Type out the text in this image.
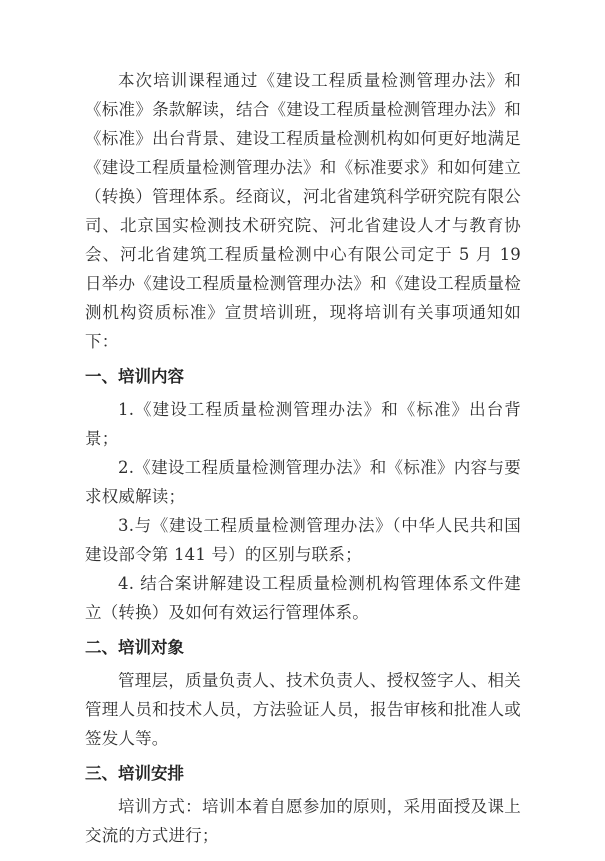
本次培训课程通过《建设工程质量检测管理办法》和《标准》条款解读，结合《建设工程质量检测管理办法》和《标准》出台背景、建设工程质量检测机构如何更好地满足《建设工程质量检测管理办法》和《标准要求》和如何建立（转换）管理体系。经商议，河北省建筑科学研究院有限公司、北京国实检测技术研究院、河北省建设人才与教育协会、河北省建筑工程质量检测中心有限公司定于 5 月 19 日举办《建设工程质量检测管理办法》和《建设工程质量检测机构资质标准》宣贯培训班，现将培训有关事项通知如下：

一、培训内容

1.《建设工程质量检测管理办法》和《标准》出台背景；

2.《建设工程质量检测管理办法》和《标准》内容与要求权威解读；

3.与《建设工程质量检测管理办法》（中华人民共和国建设部令第 141 号）的区别与联系；

4. 结合案讲解建设工程质量检测机构管理体系文件建立（转换）及如何有效运行管理体系。

二、培训对象

管理层，质量负责人、技术负责人、授权签字人、相关管理人员和技术人员，方法验证人员，报告审核和批准人或签发人等。

三、培训安排

培训方式：培训本着自愿参加的原则，采用面授及课上交流的方式进行；
